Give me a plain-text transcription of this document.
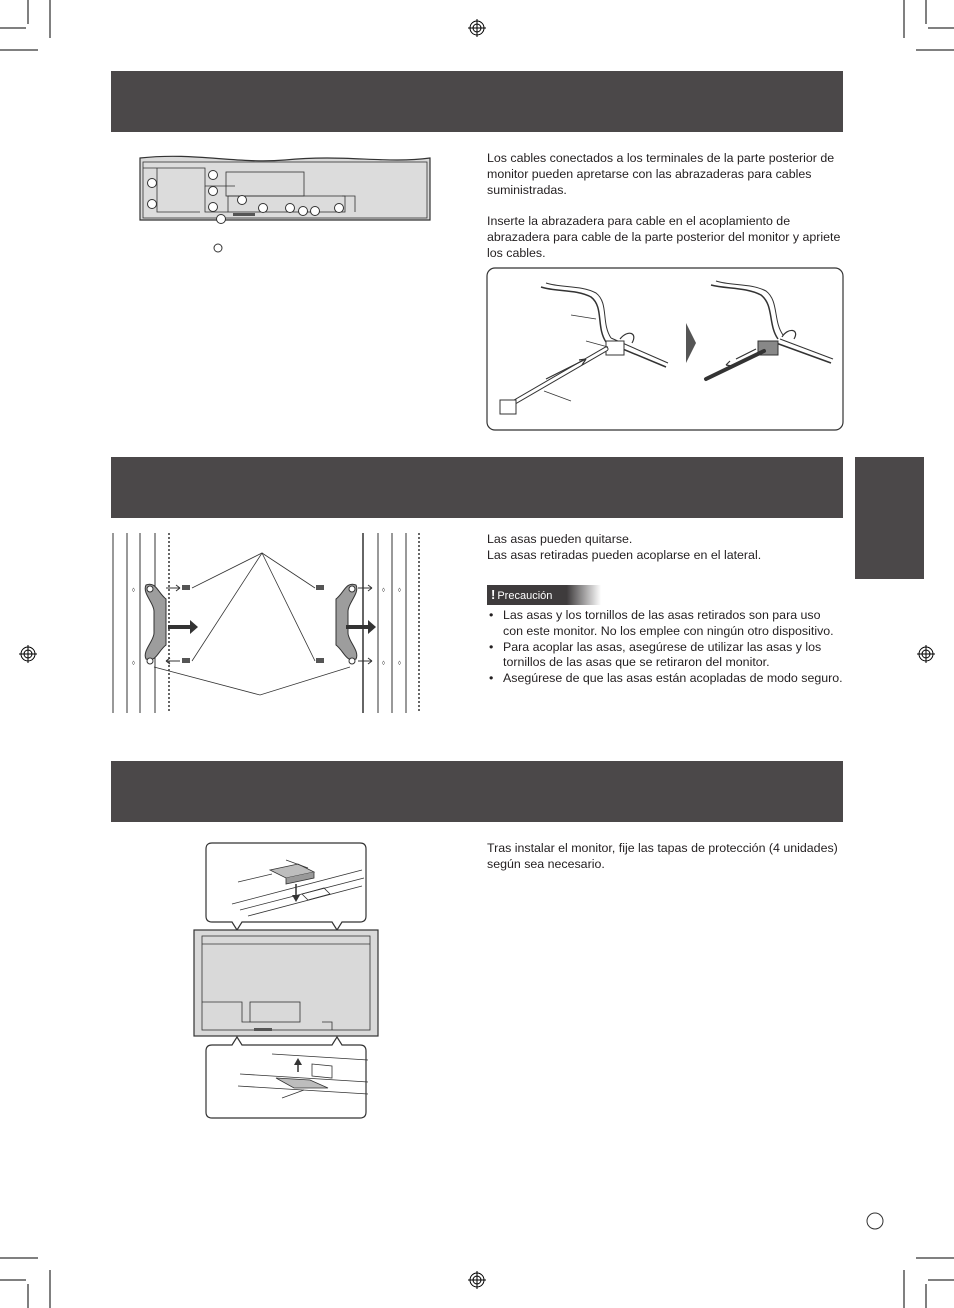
Los cables conectados a los terminales de la parte posterior de monitor pueden apretarse con las abrazaderas para cables suministradas.

Inserte la abrazadera para cable en el acoplamiento de abrazadera para cable de la parte posterior del monitor y apriete los cables.

◊
◊
◊
◊
◊
◊

Las asas pueden quitarse.

Las asas retiradas pueden acoplarse en el lateral.

! Precaución
• Las asas y los tornillos de las asas retirados son para uso con este monitor. No los emplee con ningún otro dispositivo.
• Para acoplar las asas, asegúrese de utilizar las asas y los tornillos de las asas que se retiraron del monitor.
• Asegúrese de que las asas están acopladas de modo seguro.

Tras instalar el monitor, fije las tapas de protección (4 unidades) según sea necesario.
